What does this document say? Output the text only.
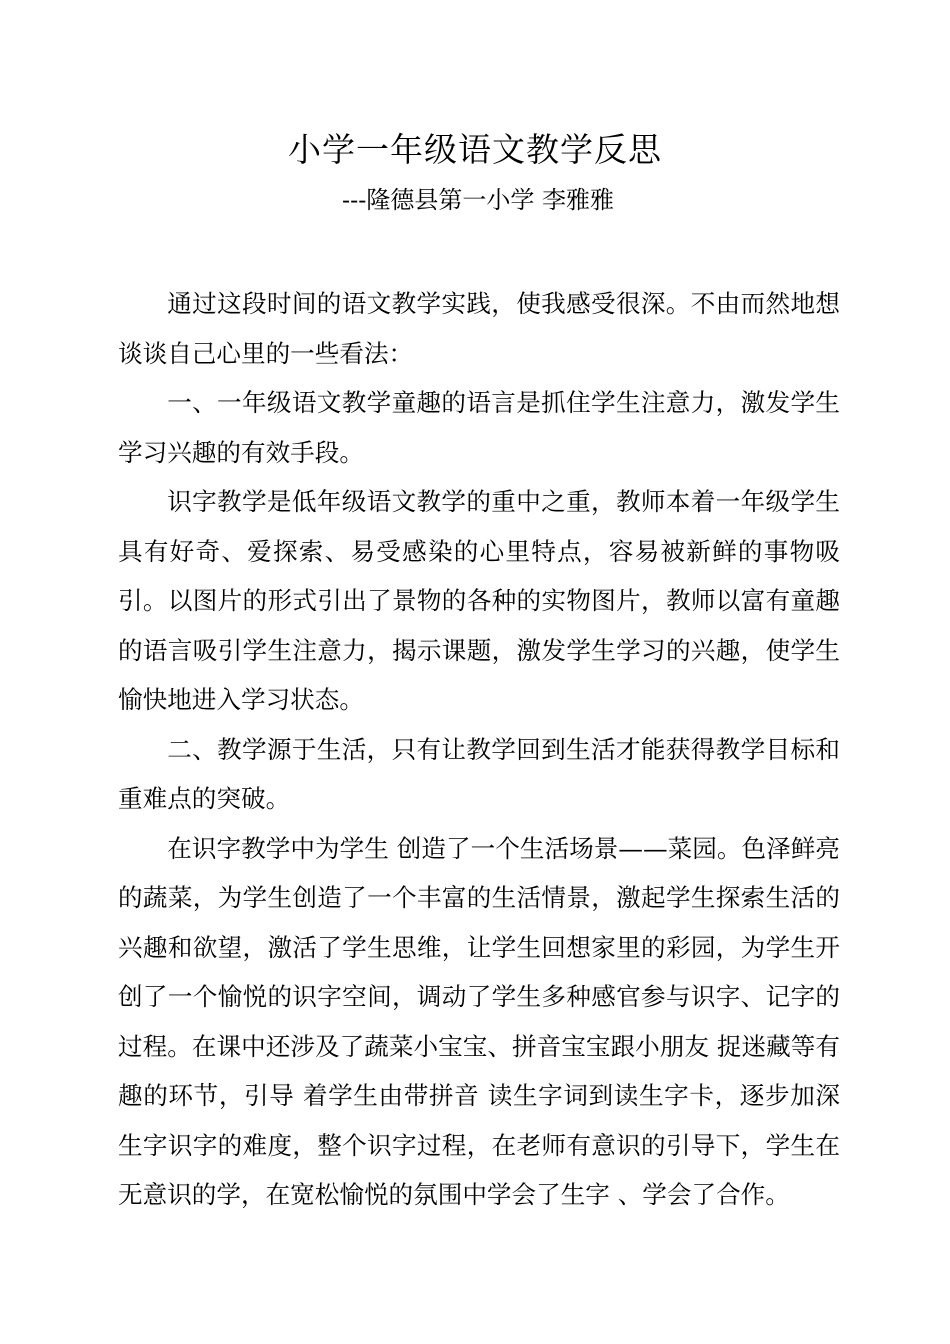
小学一年级语文教学反思
---隆德县第一小学 李雅雅

通过这段时间的语文教学实践，使我感受很深。不由而然地想谈谈自己心里的一些看法：

一、一年级语文教学童趣的语言是抓住学生注意力，激发学生学习兴趣的有效手段。

识字教学是低年级语文教学的重中之重，教师本着一年级学生具有好奇、爱探索、易受感染的心里特点，容易被新鲜的事物吸引。以图片的形式引出了景物的各种的实物图片，教师以富有童趣的语言吸引学生注意力，揭示课题，激发学生学习的兴趣，使学生愉快地进入学习状态。

二、教学源于生活，只有让教学回到生活才能获得教学目标和重难点的突破。

在识字教学中为学生 创造了一个生活场景——菜园。色泽鲜亮的蔬菜，为学生创造了一个丰富的生活情景，激起学生探索生活的兴趣和欲望，激活了学生思维，让学生回想家里的彩园，为学生开创了一个愉悦的识字空间，调动了学生多种感官参与识字、记字的过程。在课中还涉及了蔬菜小宝宝、拼音宝宝跟小朋友 捉迷藏等有趣的环节，引导 着学生由带拼音 读生字词到读生字卡，逐步加深生字识字的难度，整个识字过程，在老师有意识的引导下，学生在无意识的学，在宽松愉悦的氛围中学会了生字 、学会了合作。
